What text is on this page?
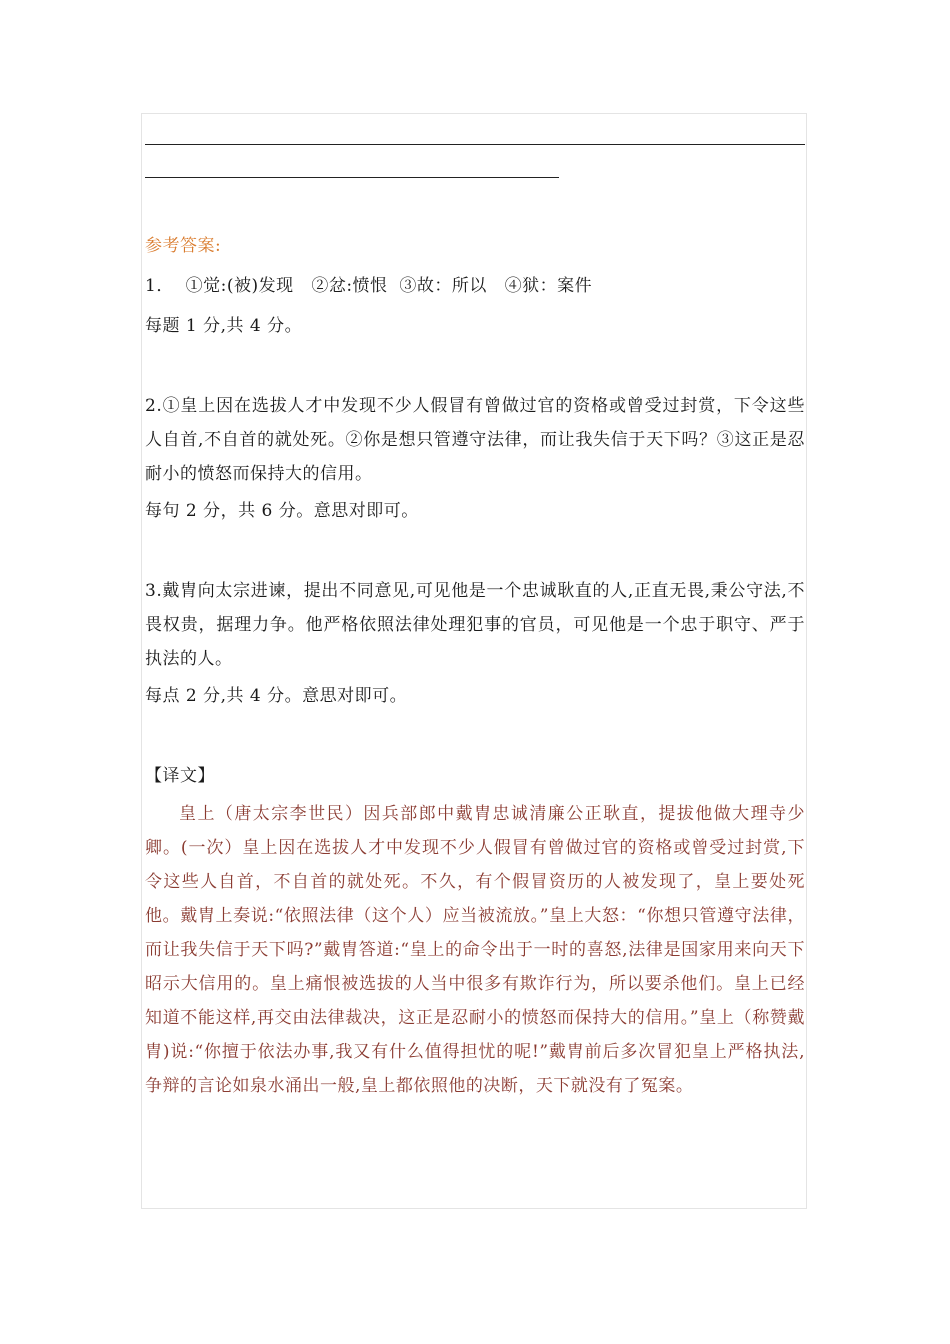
参考答案:

1．  ①觉:(被)发现   ②忿:愤恨  ③故：所以   ④狱：案件

每题 1 分,共 4 分。

2.①皇上因在选拔人才中发现不少人假冒有曾做过官的资格或曾受过封赏，下令这些人自首,不自首的就处死。②你是想只管遵守法律，而让我失信于天下吗？③这正是忍耐小的愤怒而保持大的信用。

每句 2 分，共 6 分。意思对即可。

3.戴胄向太宗进谏，提出不同意见,可见他是一个忠诚耿直的人,正直无畏,秉公守法,不畏权贵，据理力争。他严格依照法律处理犯事的官员，可见他是一个忠于职守、严于执法的人。

每点 2 分,共 4 分。意思对即可。

【译文】

皇上（唐太宗李世民）因兵部郎中戴胄忠诚清廉公正耿直，提拔他做大理寺少卿。(一次）皇上因在选拔人才中发现不少人假冒有曾做过官的资格或曾受过封赏,下令这些人自首，不自首的就处死。不久，有个假冒资历的人被发现了，皇上要处死他。戴胄上奏说:“依照法律（这个人）应当被流放。”皇上大怒：“你想只管遵守法律，而让我失信于天下吗?”戴胄答道:“皇上的命令出于一时的喜怒,法律是国家用来向天下昭示大信用的。皇上痛恨被选拔的人当中很多有欺诈行为，所以要杀他们。皇上已经知道不能这样,再交由法律裁决，这正是忍耐小的愤怒而保持大的信用。”皇上（称赞戴胄)说:“你擅于依法办事,我又有什么值得担忧的呢!”戴胄前后多次冒犯皇上严格执法,争辩的言论如泉水涌出一般,皇上都依照他的决断，天下就没有了冤案。
